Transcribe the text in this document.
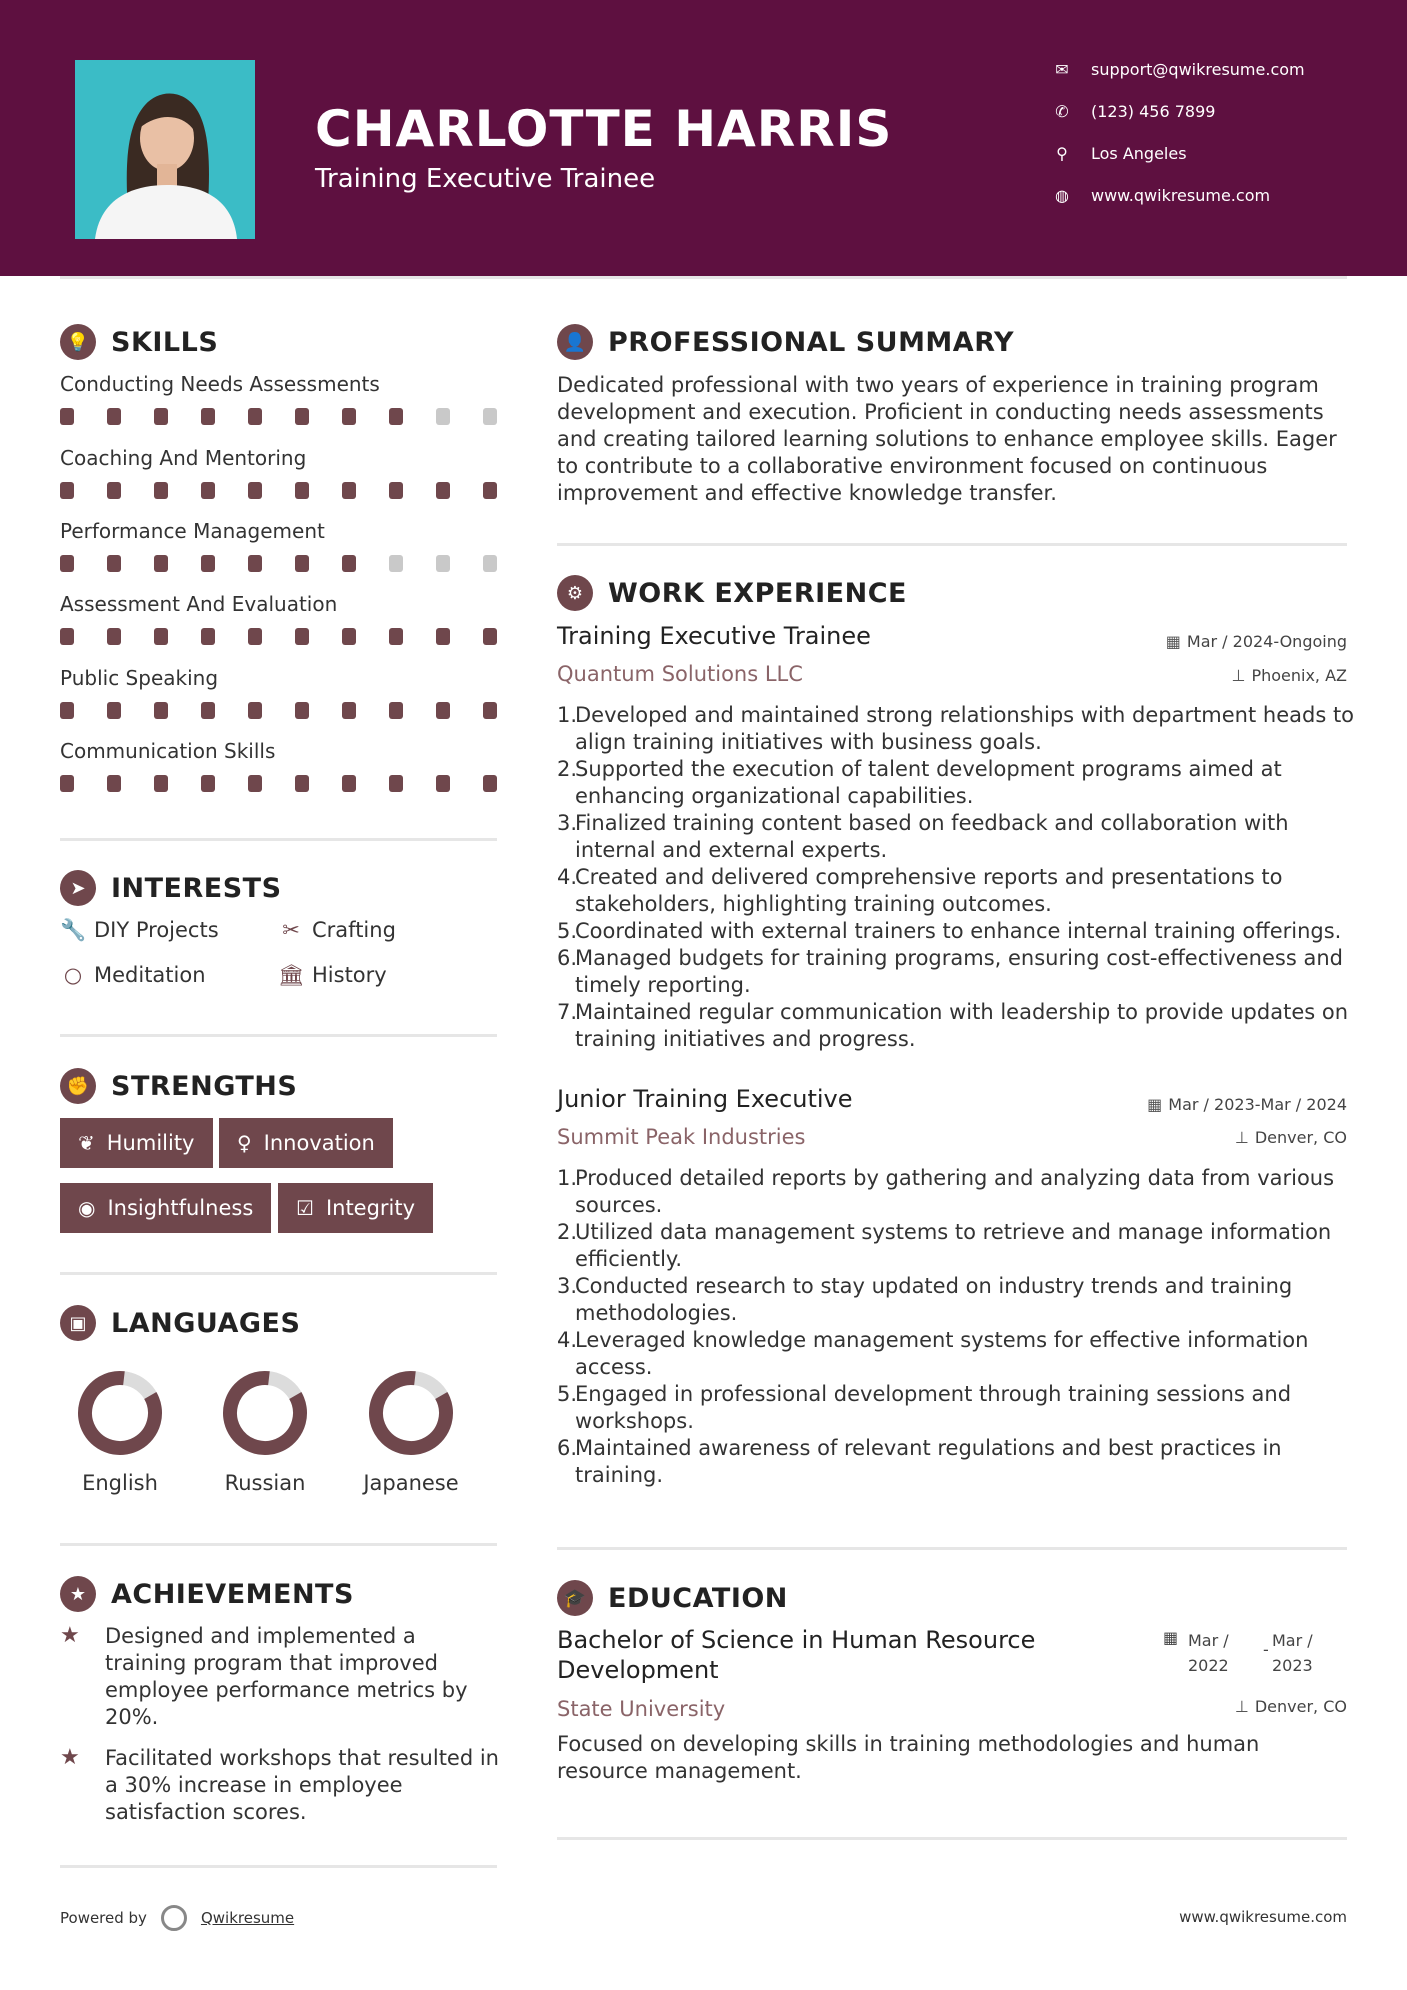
CHARLOTTE HARRIS
Training Executive Trainee
✉ support@qwikresume.com
✆ (123) 456 7899
⚲ Los Angeles
◍ www.qwikresume.com
💡 SKILLS
Conducting Needs Assessments
Coaching And Mentoring
Performance Management
Assessment And Evaluation
Public Speaking
Communication Skills
➤ INTERESTS
🔧 DIY Projects	✂ Crafting
○ Meditation	🏛 History
✊ STRENGTHS
❦ Humility ♀ Innovation
◉ Insightfulness ☑ Integrity
▣ LANGUAGES
English	Russian	Japanese
★ ACHIEVEMENTS
★	Designed and implemented a training program that improved employee performance metrics by 20%.
★	Facilitated workshops that resulted in a 30% increase in employee satisfaction scores.
👤 PROFESSIONAL SUMMARY
Dedicated professional with two years of experience in training program development and execution. Proficient in conducting needs assessments and creating tailored learning solutions to enhance employee skills. Eager to contribute to a collaborative environment focused on continuous improvement and effective knowledge transfer.
⚙ WORK EXPERIENCE
Training Executive Trainee	▦ Mar / 2024-Ongoing
Quantum Solutions LLC	⊥ Phoenix, AZ
Developed and maintained strong relationships with department heads to align training initiatives with business goals.
Supported the execution of talent development programs aimed at enhancing organizational capabilities.
Finalized training content based on feedback and collaboration with internal and external experts.
Created and delivered comprehensive reports and presentations to stakeholders, highlighting training outcomes.
Coordinated with external trainers to enhance internal training offerings.
Managed budgets for training programs, ensuring cost-effectiveness and timely reporting.
Maintained regular communication with leadership to provide updates on training initiatives and progress.
Junior Training Executive	▦ Mar / 2023-Mar / 2024
Summit Peak Industries	⊥ Denver, CO
Produced detailed reports by gathering and analyzing data from various sources.
Utilized data management systems to retrieve and manage information efficiently.
Conducted research to stay updated on industry trends and training methodologies.
Leveraged knowledge management systems for effective information access.
Engaged in professional development through training sessions and workshops.
Maintained awareness of relevant regulations and best practices in training.
🎓 EDUCATION
Bachelor of Science in Human Resource Development
▦ Mar / 2022
- Mar / 2023
State University	⊥ Denver, CO
Focused on developing skills in training methodologies and human resource management.
Powered by	Qwikresume	www.qwikresume.com
